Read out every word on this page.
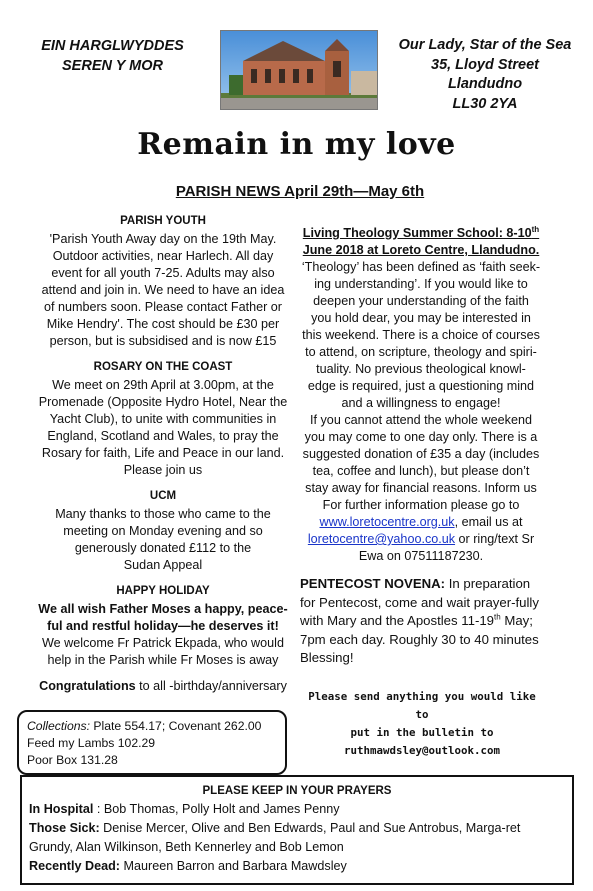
EIN HARGLWYDDES
SEREN Y MOR
Our Lady, Star of the Sea
35, Lloyd Street
Llandudno
LL30 2YA
Remain in my love
PARISH NEWS April 29th—May 6th
PARISH YOUTH
'Parish Youth Away day on the 19th May.
Outdoor activities, near Harlech. All day
event for all youth 7-25. Adults may also
attend and join in. We need to have an idea
of numbers soon. Please contact Father or
Mike Hendry'. The cost should be £30 per
person, but is subsidised and is now £15
ROSARY ON THE COAST
We meet on 29th April at 3.00pm, at the
Promenade (Opposite Hydro Hotel, Near the
Yacht Club), to unite with communities in
England, Scotland and Wales, to pray the
Rosary for faith, Life and Peace in our land.
Please join us
UCM
Many thanks to those who came to the
meeting on Monday evening and so
generously donated £112 to the
Sudan Appeal
HAPPY HOLIDAY
We all wish Father Moses a happy, peace-
ful and restful holiday—he deserves it!
We welcome Fr Patrick Ekpada, who would
help in the Parish while Fr Moses is away
Congratulations to all -birthday/anniversary
Living Theology Summer School: 8-10th
June 2018 at Loreto Centre, Llandudno.
‘Theology’ has been defined as ‘faith seek-
ing understanding’. If you would like to
deepen your understanding of the faith
you hold dear, you may be interested in
this weekend. There is a choice of courses
to attend, on scripture, theology and spiri-
tuality. No previous theological knowl-
edge is required, just a questioning mind
and a willingness to engage!
If you cannot attend the whole weekend
you may come to one day only. There is a
suggested donation of £35 a day (includes
tea, coffee and lunch), but please don’t
stay away for financial reasons. Inform us
For further information please go to
www.loretocentre.org.uk, email us at
loretocentre@yahoo.co.uk or ring/text Sr
Ewa on 07511187230.
PENTECOST NOVENA: In preparation for Pentecost, come and wait prayer-fully with Mary and the Apostles 11-19th May; 7pm each day. Roughly 30 to 40 minutes Blessing!
Please send anything you would like to
put in the bulletin to
ruthmawdsley@outlook.com
Collections: Plate 554.17; Covenant 262.00
Feed my Lambs 102.29
Poor Box 131.28
PLEASE KEEP IN YOUR PRAYERS
In Hospital : Bob Thomas, Polly Holt and James Penny
Those Sick: Denise Mercer, Olive and Ben Edwards, Paul and Sue Antrobus, Marga-ret Grundy, Alan Wilkinson, Beth Kennerley and Bob Lemon
Recently Dead: Maureen Barron and Barbara Mawdsley
